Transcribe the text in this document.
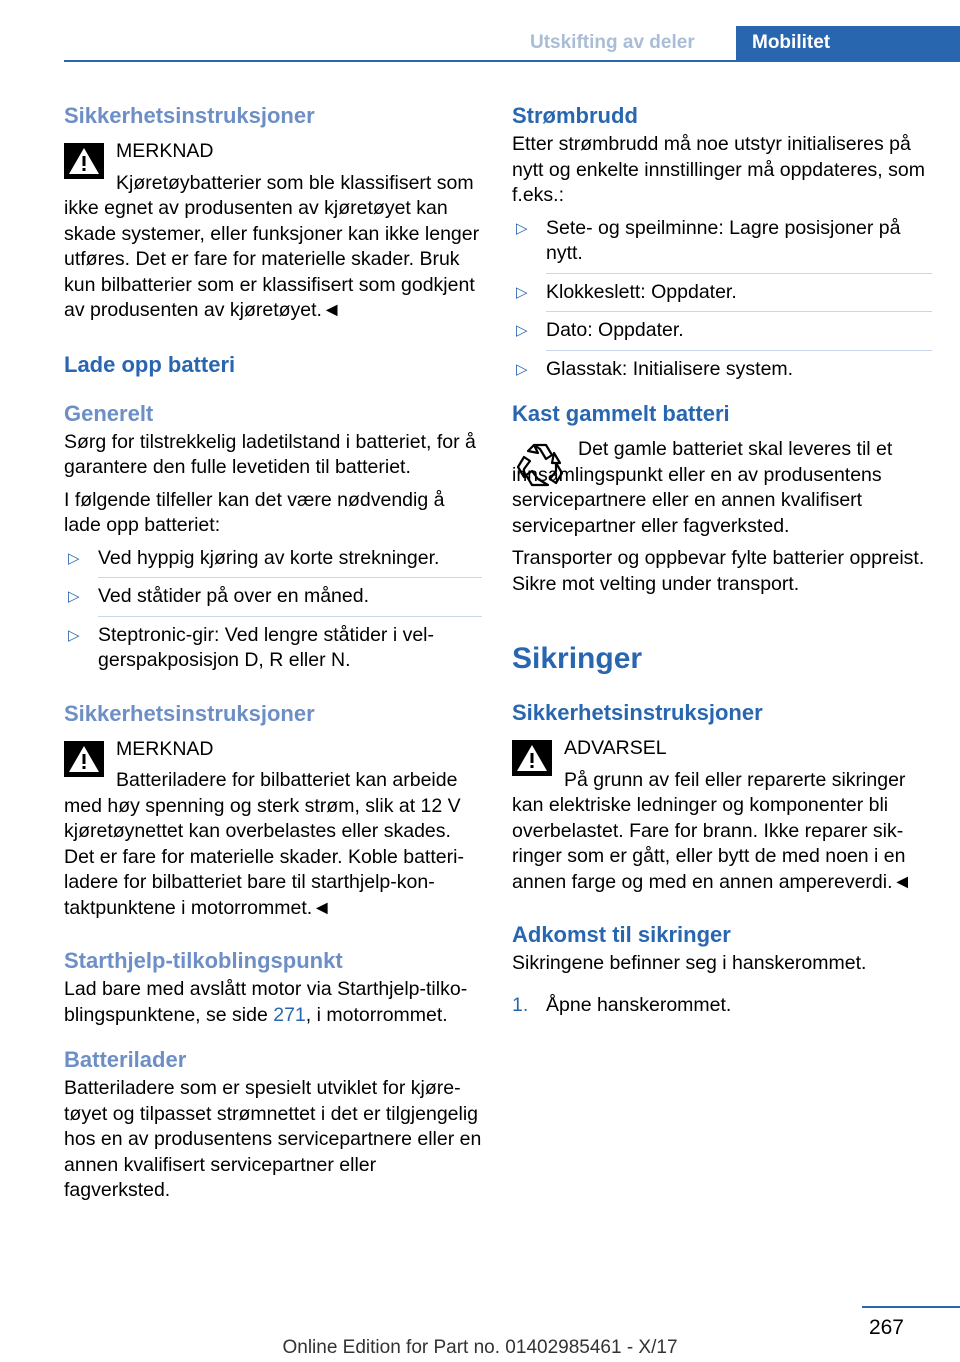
Utskifting av deler	Mobilitet
Sikkerhetsinstruksjoner

MERKNAD

Kjøretøybatterier som ble klassifisert som ikke egnet av produsenten av kjøretøyet kan skade systemer, eller funksjoner kan ikke lenger utføres. Det er fare for materielle skader. Bruk kun bilbatterier som er klassifisert som godkjent av produsenten av kjøretøyet.◄

Lade opp batteri
Generelt

Sørg for tilstrekkelig ladetilstand i batteriet, for å garantere den fulle levetiden til batteriet.

I følgende tilfeller kan det være nødvendig å lade opp batteriet:

▷ Ved hyppig kjøring av korte strekninger.
▷ Ved ståtider på over en måned.
▷ Steptronic-gir: Ved lengre ståtider i velgerspakposisjon D, R eller N.
Sikkerhetsinstruksjoner

MERKNAD

Batteriladere for bilbatteriet kan arbeide med høy spenning og sterk strøm, slik at 12 V kjøretøynettet kan overbelastes eller skades. Det er fare for materielle skader. Koble batteriladere for bilbatteriet bare til starthjelp-kontaktpunktene i motorrommet.◄

Starthjelp-tilkoblingspunkt

Lad bare med avslått motor via Starthjelp-tilkoblingspunktene, se side 271, i motorrommet.

Batterilader

Batteriladere som er spesielt utviklet for kjøretøyet og tilpasset strømnettet i det er tilgjengelig hos en av produsentens servicepartnere eller en annen kvalifisert servicepartner eller fagverksted.

Strømbrudd

Etter strømbrudd må noe utstyr initialiseres på nytt og enkelte innstillinger må oppdateres, som f.eks.:

▷ Sete- og speilminne: Lagre posisjoner på nytt.
▷ Klokkeslett: Oppdater.
▷ Dato: Oppdater.
▷ Glasstak: Initialisere system.
Kast gammelt batteri

Det gamle batteriet skal leveres til et innsamlingspunkt eller en av produsentens servicepartnere eller en annen kvalifisert servicepartner eller fagverksted.

Transporter og oppbevar fylte batterier oppreist. Sikre mot velting under transport.

Sikringer
Sikkerhetsinstruksjoner

ADVARSEL

På grunn av feil eller reparerte sikringer kan elektriske ledninger og komponenter bli overbelastet. Fare for brann. Ikke reparer sikringer som er gått, eller bytt de med noen i en annen farge og med en annen ampereverdi.◄

Adkomst til sikringer

Sikringene befinner seg i hanskerommet.

1. Åpne hanskerommet.
267
Online Edition for Part no. 01402985461 - X/17
